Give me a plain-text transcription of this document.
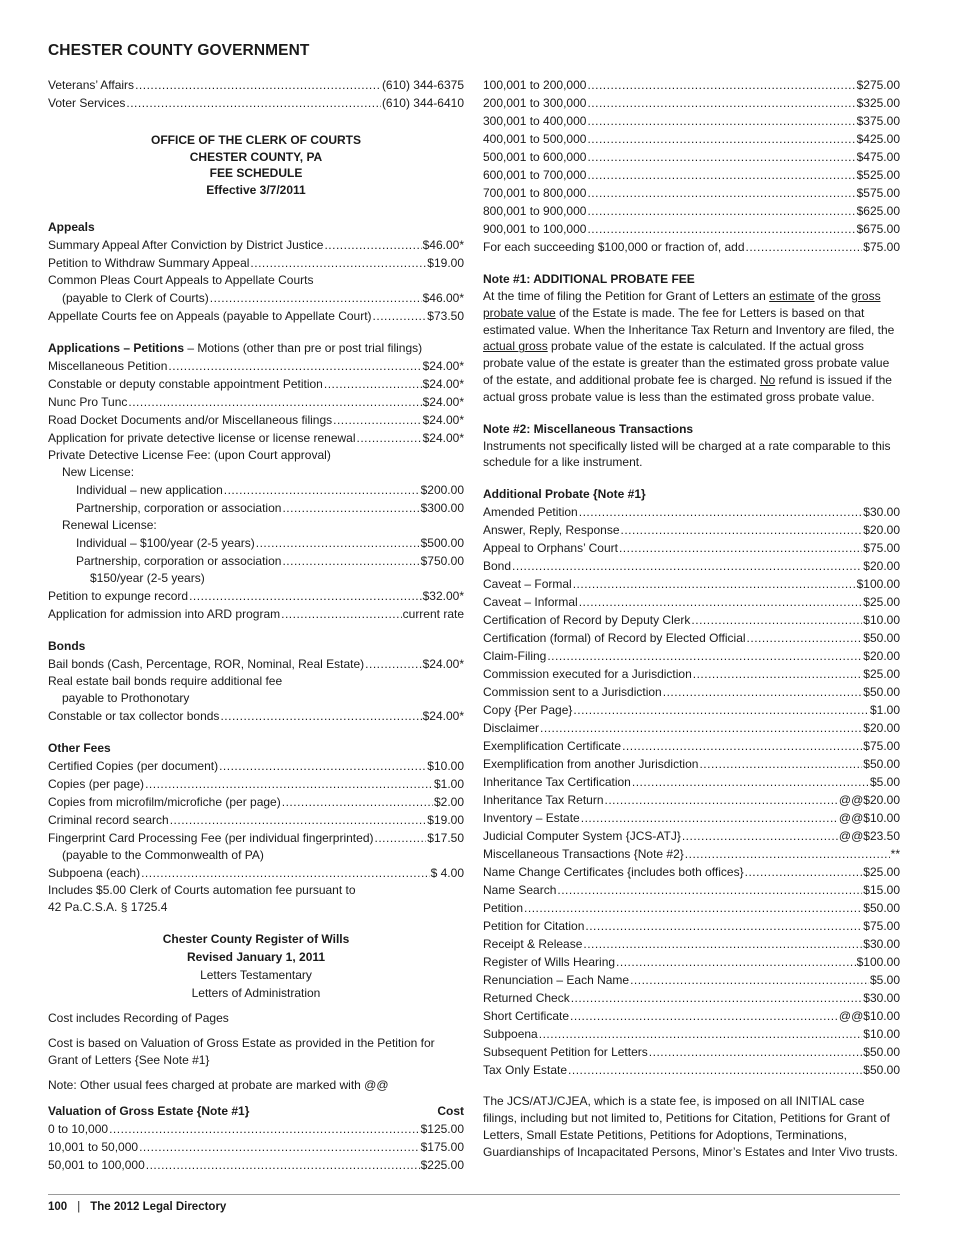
CHESTER COUNTY GOVERNMENT
Veterans’ Affairs .....	(610) 344-6375
Voter Services .....	(610) 344-6410
OFFICE OF THE CLERK OF COURTS
CHESTER COUNTY, PA
FEE SCHEDULE
Effective 3/7/2011
Appeals
Summary Appeal After Conviction by District Justice .....	$46.00*
Petition to Withdraw Summary Appeal .....	$19.00
Common Pleas Court Appeals to Appellate Courts
(payable to Clerk of Courts) .....	$46.00*
Appellate Courts fee on Appeals (payable to Appellate Court) .....	$73.50
Applications – Petitions – Motions (other than pre or post trial filings)
Miscellaneous Petition .....	$24.00*
Constable or deputy constable appointment Petition .....	$24.00*
Nunc Pro Tunc .....	$24.00*
Road Docket Documents and/or Miscellaneous filings .....	$24.00*
Application for private detective license or license renewal .....	$24.00*
Private Detective License Fee: (upon Court approval)
New License:
Individual – new application .....	$200.00
Partnership, corporation or association .....	$300.00
Renewal License:
Individual – $100/year (2-5 years) .....	$500.00
Partnership, corporation or association .....	$750.00
$150/year (2-5 years)
Petition to expunge record .....	$32.00*
Application for admission into ARD program .....	current rate
Bonds
Bail bonds (Cash, Percentage, ROR, Nominal, Real Estate) .....	$24.00*
Real estate bail bonds require additional fee
payable to Prothonotary
Constable or tax collector bonds .....	$24.00*
Other Fees
Certified Copies (per document) .....	$10.00
Copies (per page) .....	$1.00
Copies from microfilm/microfiche (per page) .....	$2.00
Criminal record search .....	$19.00
Fingerprint Card Processing Fee (per individual fingerprinted) .....	$17.50
(payable to the Commonwealth of PA)
Subpoena (each) .....	$ 4.00
Includes $5.00 Clerk of Courts automation fee pursuant to
42 Pa.C.S.A. § 1725.4
Chester County Register of Wills
Revised January 1, 2011
Letters Testamentary
Letters of Administration
Cost includes Recording of Pages

Cost is based on Valuation of Gross Estate as provided in the Petition for Grant of Letters {See Note #1}

Note: Other usual fees charged at probate are marked with @@
Valuation of Gross Estate {Note #1}	Cost
0 to 10,000 .....	$125.00
10,001 to 50,000 .....	$175.00
50,001 to 100,000 .....	$225.00
100,001 to 200,000 .....	$275.00
200,001 to 300,000 .....	$325.00
300,001 to 400,000 .....	$375.00
400,001 to 500,000 .....	$425.00
500,001 to 600,000 .....	$475.00
600,001 to 700,000 .....	$525.00
700,001 to 800,000 .....	$575.00
800,001 to 900,000 .....	$625.00
900,001 to 100,000 .....	$675.00
For each succeeding $100,000 or fraction of, add .....	$75.00
Note #1: ADDITIONAL PROBATE FEE

At the time of filing the Petition for Grant of Letters an estimate of the gross probate value of the Estate is made. The fee for Letters is based on that estimated value. When the Inheritance Tax Return and Inventory are filed, the actual gross probate value of the estate is calculated. If the actual gross probate value of the estate is greater than the estimated gross probate value of the estate, and additional probate fee is charged. No refund is issued if the actual gross probate value is less than the estimated gross probate value.

Note #2: Miscellaneous Transactions

Instruments not specifically listed will be charged at a rate comparable to this schedule for a like instrument.

Additional Probate {Note #1}
Amended Petition .....	$30.00
Answer, Reply, Response .....	$20.00
Appeal to Orphans’ Court .....	$75.00
Bond .....	$20.00
Caveat – Formal .....	$100.00
Caveat – Informal .....	$25.00
Certification of Record by Deputy Clerk .....	$10.00
Certification (formal) of Record by Elected Official .....	$50.00
Claim-Filing .....	$20.00
Commission executed for a Jurisdiction .....	$25.00
Commission sent to a Jurisdiction .....	$50.00
Copy {Per Page} .....	$1.00
Disclaimer .....	$20.00
Exemplification Certificate .....	$75.00
Exemplification from another Jurisdiction .....	$50.00
Inheritance Tax Certification .....	$5.00
Inheritance Tax Return .....	@@$20.00
Inventory – Estate .....	@@$10.00
Judicial Computer System {JCS-ATJ} .....	@@$23.50
Miscellaneous Transactions {Note #2} .....	**
Name Change Certificates {includes both offices} .....	$25.00
Name Search .....	$15.00
Petition .....	$50.00
Petition for Citation .....	$75.00
Receipt & Release .....	$30.00
Register of Wills Hearing .....	$100.00
Renunciation – Each Name .....	$5.00
Returned Check .....	$30.00
Short Certificate .....	@@$10.00
Subpoena .....	$10.00
Subsequent Petition for Letters .....	$50.00
Tax Only Estate .....	$50.00

The JCS/ATJ/CJEA, which is a state fee, is imposed on all INITIAL case filings, including but not limited to, Petitions for Citation, Petitions for Grant of Letters, Small Estate Petitions, Petitions for Adoptions, Terminations, Guardianships of Incapacitated Persons, Minor’s Estates and Inter Vivo trusts.

100 | The 2012 Legal Directory
